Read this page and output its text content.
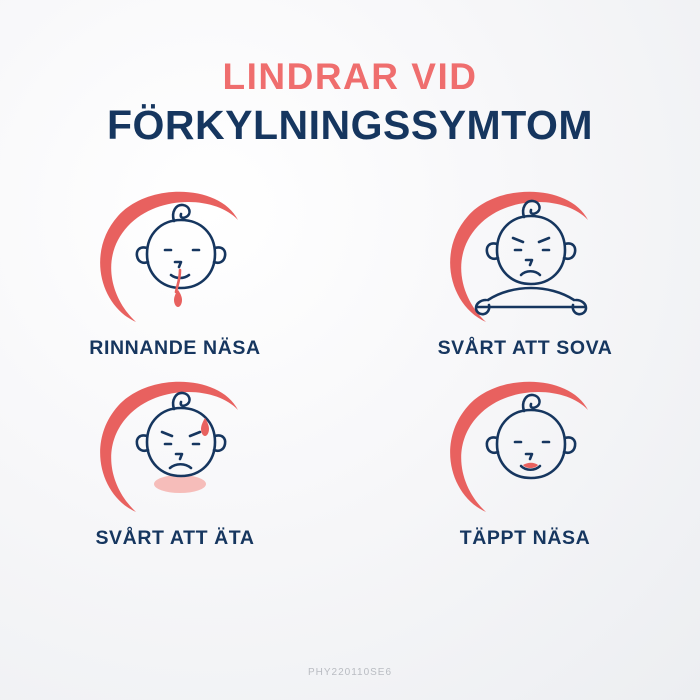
LINDRAR VID
FÖRKYLNINGSSYMTOM
RINNANDE NÄSA	SVÅRT ATT SOVA
SVÅRT ATT ÄTA	TÄPPT NÄSA
PHY220110SE6
